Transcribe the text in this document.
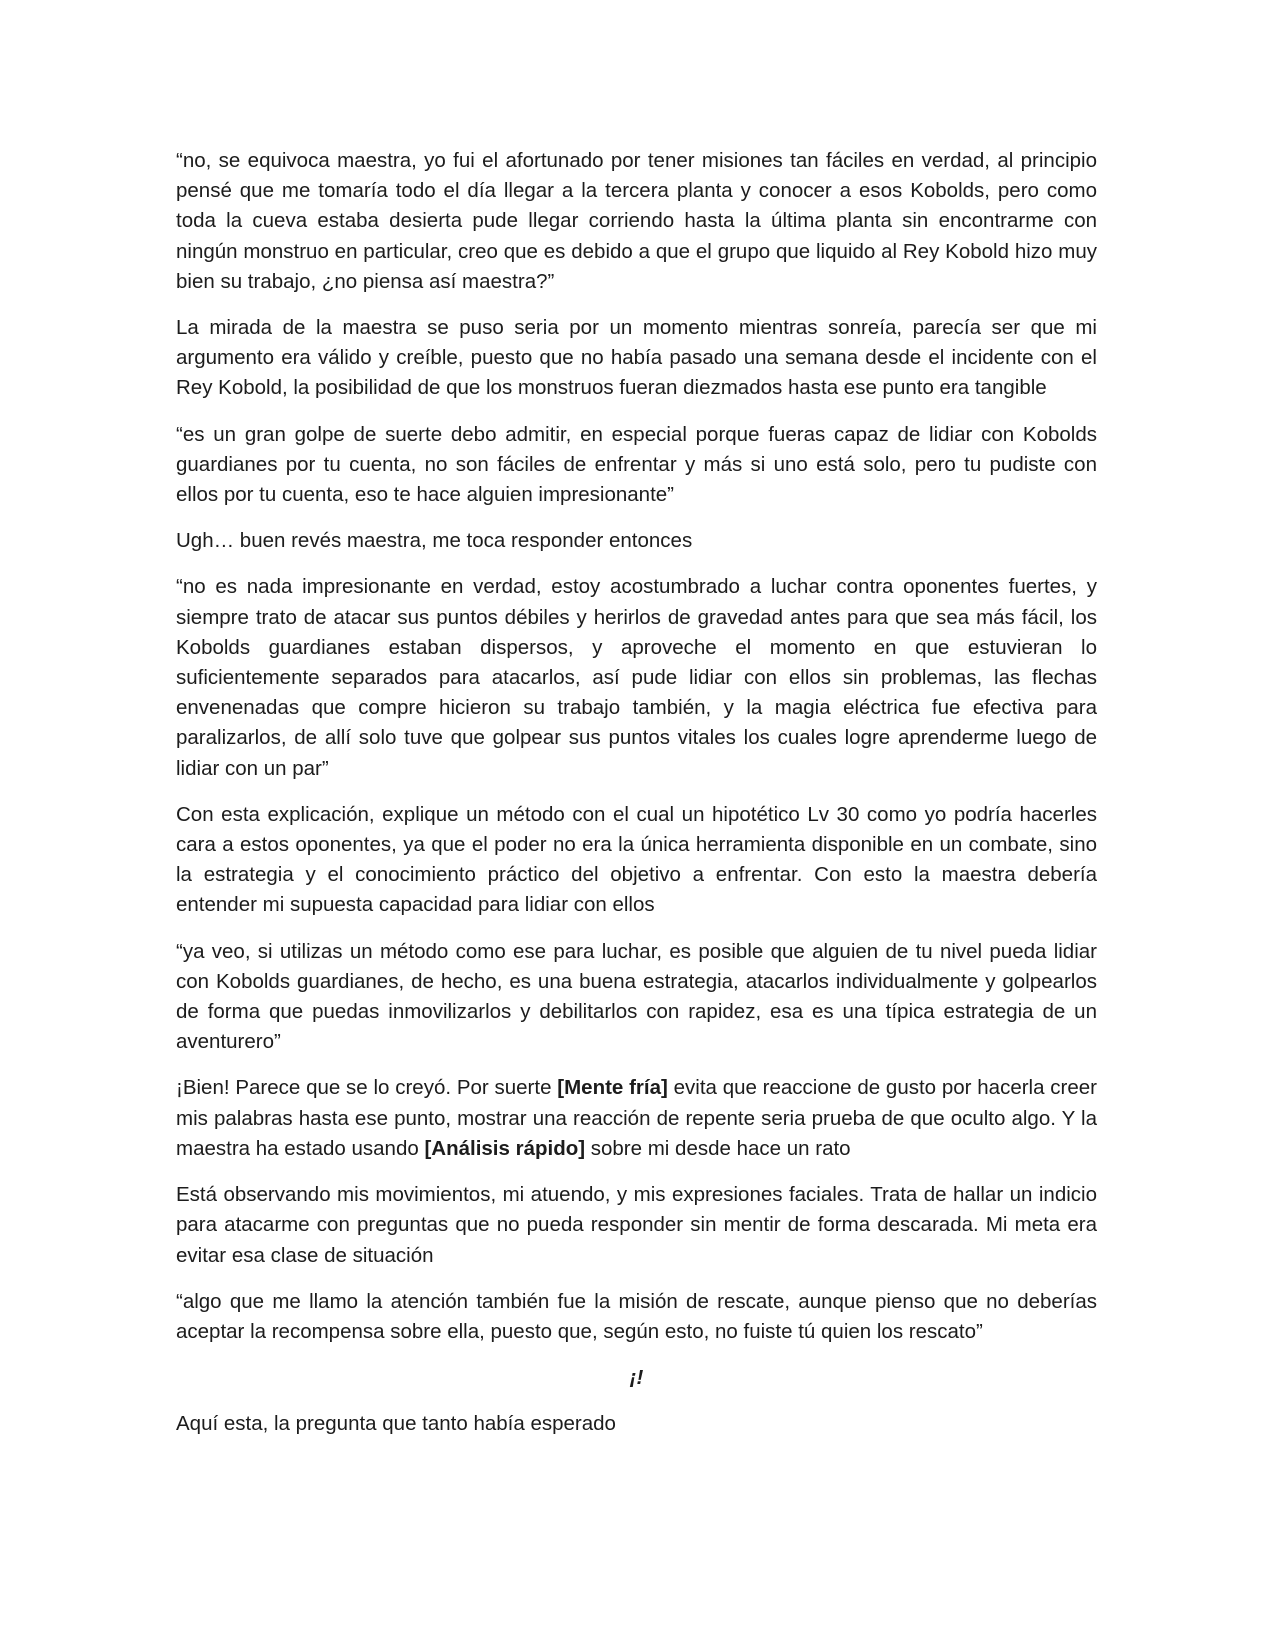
“no, se equivoca maestra, yo fui el afortunado por tener misiones tan fáciles en verdad, al principio pensé que me tomaría todo el día llegar a la tercera planta y conocer a esos Kobolds, pero como toda la cueva estaba desierta pude llegar corriendo hasta la última planta sin encontrarme con ningún monstruo en particular, creo que es debido a que el grupo que liquido al Rey Kobold hizo muy bien su trabajo, ¿no piensa así maestra?”

La mirada de la maestra se puso seria por un momento mientras sonreía, parecía ser que mi argumento era válido y creíble, puesto que no había pasado una semana desde el incidente con el Rey Kobold, la posibilidad de que los monstruos fueran diezmados hasta ese punto era tangible

“es un gran golpe de suerte debo admitir, en especial porque fueras capaz de lidiar con Kobolds guardianes por tu cuenta, no son fáciles de enfrentar y más si uno está solo, pero tu pudiste con ellos por tu cuenta, eso te hace alguien impresionante”

Ugh… buen revés maestra, me toca responder entonces

“no es nada impresionante en verdad, estoy acostumbrado a luchar contra oponentes fuertes, y siempre trato de atacar sus puntos débiles y herirlos de gravedad antes para que sea más fácil, los Kobolds guardianes estaban dispersos, y aproveche el momento en que estuvieran lo suficientemente separados para atacarlos, así pude lidiar con ellos sin problemas, las flechas envenenadas que compre hicieron su trabajo también, y la magia eléctrica fue efectiva para paralizarlos, de allí solo tuve que golpear sus puntos vitales los cuales logre aprenderme luego de lidiar con un par”

Con esta explicación, explique un método con el cual un hipotético Lv 30 como yo podría hacerles cara a estos oponentes, ya que el poder no era la única herramienta disponible en un combate, sino la estrategia y el conocimiento práctico del objetivo a enfrentar. Con esto la maestra debería entender mi supuesta capacidad para lidiar con ellos

“ya veo, si utilizas un método como ese para luchar, es posible que alguien de tu nivel pueda lidiar con Kobolds guardianes, de hecho, es una buena estrategia, atacarlos individualmente y golpearlos de forma que puedas inmovilizarlos y debilitarlos con rapidez, esa es una típica estrategia de un aventurero”

¡Bien! Parece que se lo creyó. Por suerte [Mente fría] evita que reaccione de gusto por hacerla creer mis palabras hasta ese punto, mostrar una reacción de repente seria prueba de que oculto algo. Y la maestra ha estado usando [Análisis rápido] sobre mi desde hace un rato

Está observando mis movimientos, mi atuendo, y mis expresiones faciales. Trata de hallar un indicio para atacarme con preguntas que no pueda responder sin mentir de forma descarada. Mi meta era evitar esa clase de situación

“algo que me llamo la atención también fue la misión de rescate, aunque pienso que no deberías aceptar la recompensa sobre ella, puesto que, según esto, no fuiste tú quien los rescato”

¡!

Aquí esta, la pregunta que tanto había esperado
